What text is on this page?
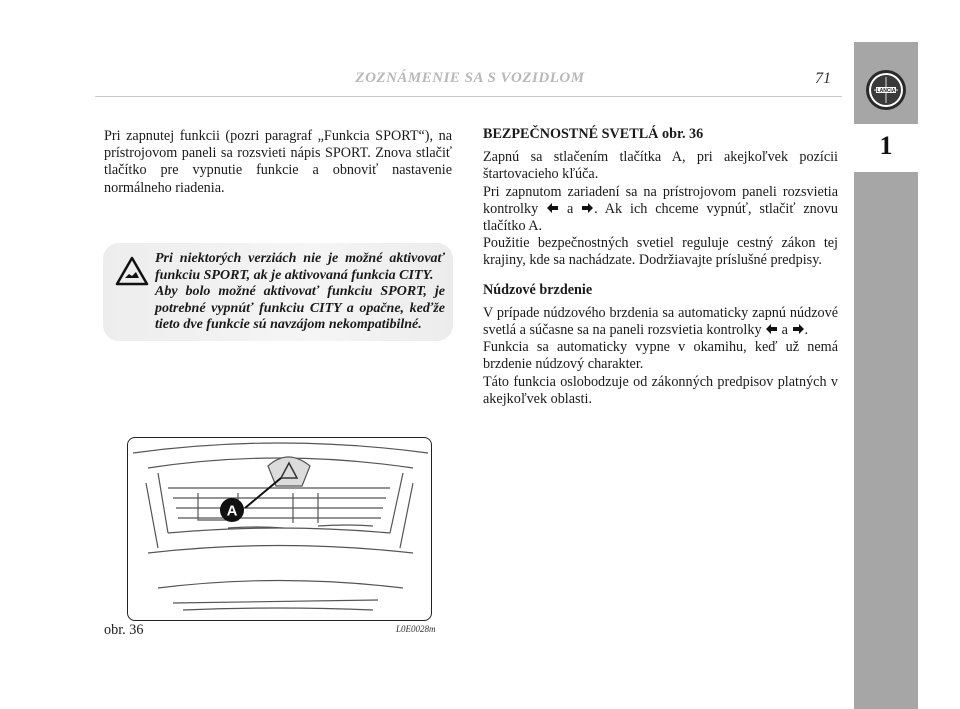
ZOZNÁMENIE SA S VOZIDLOM	71
LANCIA
1

Pri zapnutej funkcii (pozri paragraf „Funkcia SPORT“), na prístrojovom paneli sa rozsvieti nápis SPORT. Znova stlačiť tlačítko pre vypnutie funkcie a obnoviť nastavenie normálneho riadenia.

Pri niektorých verziách nie je možné aktivovať funkciu SPORT, ak je aktivovaná funkcia CITY.
Aby bolo možné aktivovať funkciu SPORT, je potrebné vypnúť funkciu CITY a opačne, keďže tieto dve funkcie sú navzájom nekompatibilné.
A
obr. 36	L0E0028m
BEZPEČNOSTNÉ SVETLÁ obr. 36

Zapnú sa stlačením tlačítka A, pri akejkoľvek pozícii štartovacieho kľúča.

Pri zapnutom zariadení sa na prístrojovom paneli rozsvietia kontrolky a . Ak ich chceme vypnúť, stlačiť znovu tlačítko A.

Použitie bezpečnostných svetiel reguluje cestný zákon tej krajiny, kde sa nachádzate. Dodržiavajte príslušné predpisy.

Núdzové brzdenie

V prípade núdzového brzdenia sa automaticky zapnú núdzové svetlá a súčasne sa na paneli rozsvietia kontrolky a .

Funkcia sa automaticky vypne v okamihu, keď už nemá brzdenie núdzový charakter.

Táto funkcia oslobodzuje od zákonných predpisov platných v akejkoľvek oblasti.
